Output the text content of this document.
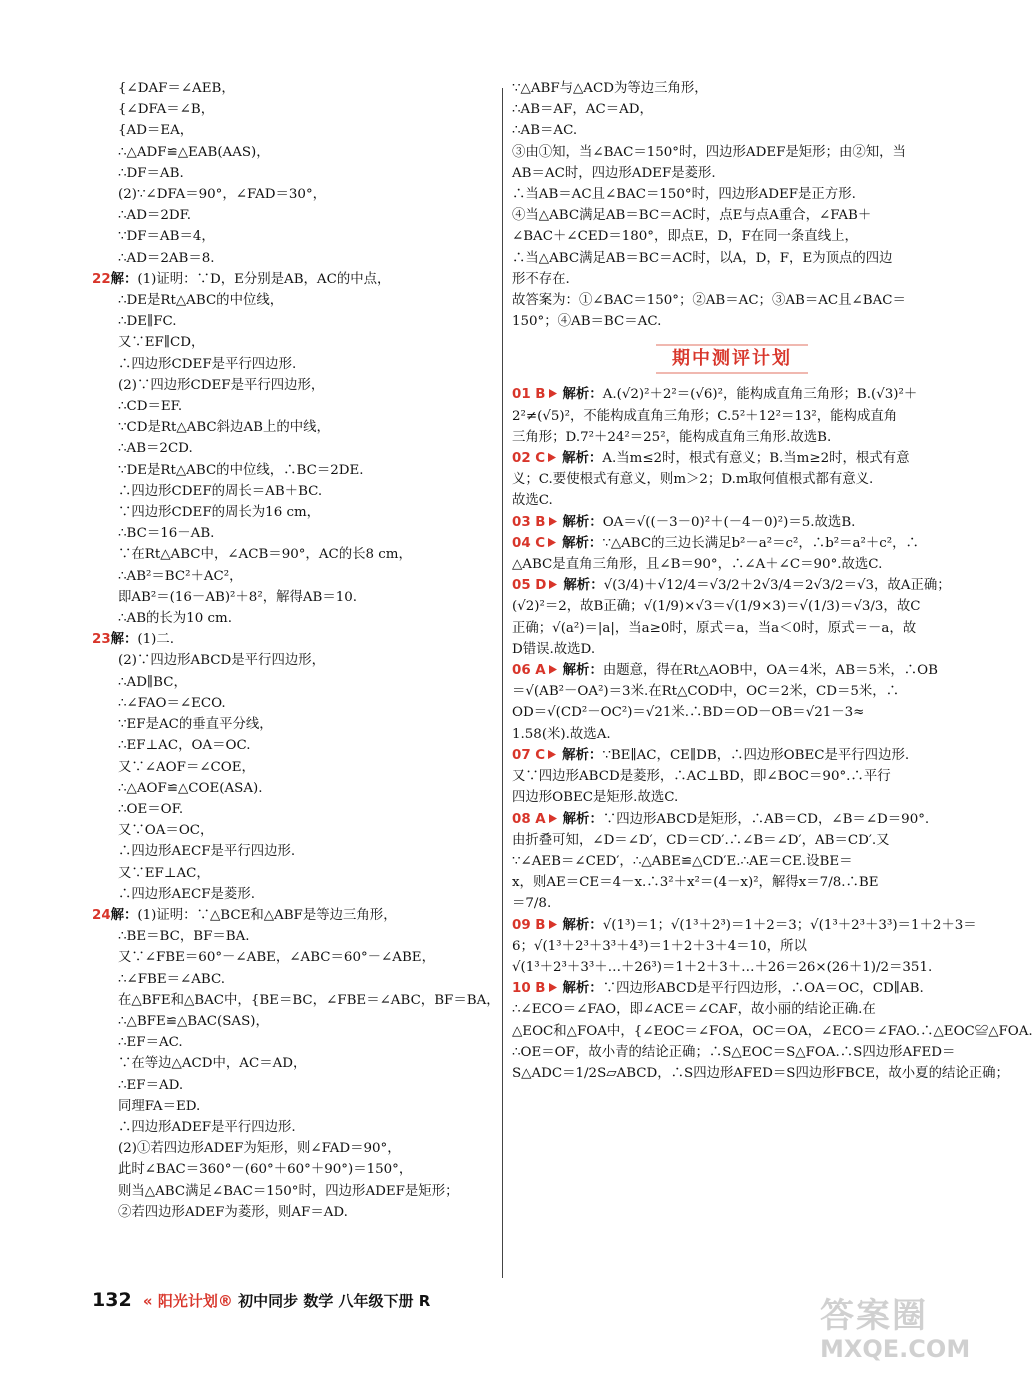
{∠DAF＝∠AEB，
{∠DFA＝∠B，
{AD＝EA，
∴△ADF≌△EAB(AAS)，
∴DF＝AB.
(2)∵∠DFA＝90°，∠FAD＝30°，
∴AD＝2DF.
∵DF＝AB＝4，
∴AD＝2AB＝8.
22解：(1)证明：∵D，E分别是AB，AC的中点，
∴DE是Rt△ABC的中位线，
∴DE∥FC.
又∵EF∥CD，
∴四边形CDEF是平行四边形.
(2)∵四边形CDEF是平行四边形，
∴CD＝EF.
∵CD是Rt△ABC斜边AB上的中线，
∴AB＝2CD.
∵DE是Rt△ABC的中位线，∴BC＝2DE.
∴四边形CDEF的周长＝AB＋BC.
∵四边形CDEF的周长为16 cm，
∴BC＝16－AB.
∵在Rt△ABC中，∠ACB＝90°，AC的长8 cm，
∴AB²＝BC²＋AC²，
即AB²＝(16－AB)²＋8²，解得AB＝10.
∴AB的长为10 cm.
23解：(1)二.
(2)∵四边形ABCD是平行四边形，
∴AD∥BC，
∴∠FAO＝∠ECO.
∵EF是AC的垂直平分线，
∴EF⊥AC，OA＝OC.
又∵∠AOF＝∠COE，
∴△AOF≌△COE(ASA).
∴OE＝OF.
又∵OA＝OC，
∴四边形AECF是平行四边形.
又∵EF⊥AC，
∴四边形AECF是菱形.
24解：(1)证明：∵△BCE和△ABF是等边三角形，
∴BE＝BC，BF＝BA.
又∵∠FBE＝60°－∠ABE，∠ABC＝60°－∠ABE，
∴∠FBE＝∠ABC.
在△BFE和△BAC中，{BE＝BC，∠FBE＝∠ABC，BF＝BA，
∴△BFE≌△BAC(SAS)，
∴EF＝AC.
∵在等边△ACD中，AC＝AD，
∴EF＝AD.
同理FA＝ED.
∴四边形ADEF是平行四边形.
(2)①若四边形ADEF为矩形，则∠FAD＝90°，
此时∠BAC＝360°－(60°＋60°＋90°)＝150°，
则当△ABC满足∠BAC＝150°时，四边形ADEF是矩形；
②若四边形ADEF为菱形，则AF＝AD.
∵△ABF与△ACD为等边三角形，
∴AB＝AF，AC＝AD，
∴AB＝AC.
③由①知，当∠BAC＝150°时，四边形ADEF是矩形；由②知，当
AB＝AC时，四边形ADEF是菱形.
∴当AB＝AC且∠BAC＝150°时，四边形ADEF是正方形.
④当△ABC满足AB＝BC＝AC时，点E与点A重合，∠FAB＋
∠BAC＋∠CED＝180°，即点E，D，F在同一条直线上，
∴当△ABC满足AB＝BC＝AC时，以A，D，F，E为顶点的四边
形不存在.
故答案为：①∠BAC＝150°；②AB＝AC；③AB＝AC且∠BAC＝
150°；④AB＝BC＝AC.
期中测评计划
01 B 解析：A.(√2)²＋2²＝(√6)²，能构成直角三角形；B.(√3)²＋
2²≠(√5)²，不能构成直角三角形；C.5²＋12²＝13²，能构成直角
三角形；D.7²＋24²＝25²，能构成直角三角形.故选B.
02 C 解析：A.当m≤2时，根式有意义；B.当m≥2时，根式有意
义；C.要使根式有意义，则m＞2；D.m取何值根式都有意义.
故选C.
03 B 解析：OA＝√((－3－0)²＋(－4－0)²)＝5.故选B.
04 C 解析：∵△ABC的三边长满足b²－a²＝c²，∴b²＝a²＋c²，∴
△ABC是直角三角形，且∠B＝90°，∴∠A＋∠C＝90°.故选C.
05 D 解析：√(3/4)＋√12/4＝√3/2＋2√3/4＝2√3/2＝√3，故A正确；
(√2)²＝2，故B正确；√(1/9)×√3＝√(1/9×3)＝√(1/3)＝√3/3，故C
正确；√(a²)＝|a|，当a≥0时，原式＝a，当a＜0时，原式＝－a，故
D错误.故选D.
06 A 解析：由题意，得在Rt△AOB中，OA＝4米，AB＝5米，∴OB
＝√(AB²－OA²)＝3米.在Rt△COD中，OC＝2米，CD＝5米，∴
OD＝√(CD²－OC²)＝√21米.∴BD＝OD－OB＝√21－3≈
1.58(米).故选A.
07 C 解析：∵BE∥AC，CE∥DB，∴四边形OBEC是平行四边形.
又∵四边形ABCD是菱形，∴AC⊥BD，即∠BOC＝90°.∴平行
四边形OBEC是矩形.故选C.
08 A 解析：∵四边形ABCD是矩形，∴AB＝CD，∠B＝∠D＝90°.
由折叠可知，∠D＝∠D′，CD＝CD′.∴∠B＝∠D′，AB＝CD′.又
∵∠AEB＝∠CED′，∴△ABE≌△CD′E.∴AE＝CE.设BE＝
x，则AE＝CE＝4－x.∴3²＋x²＝(4－x)²，解得x＝7/8.∴BE
＝7/8.
09 B 解析：√(1³)＝1；√(1³＋2³)＝1＋2＝3；√(1³＋2³＋3³)＝1＋2＋3＝
6；√(1³＋2³＋3³＋4³)＝1＋2＋3＋4＝10，所以
√(1³＋2³＋3³＋…＋26³)＝1＋2＋3＋…＋26＝26×(26＋1)/2＝351.
10 B 解析：∵四边形ABCD是平行四边形，∴OA＝OC，CD∥AB.
∴∠ECO＝∠FAO，即∠ACE＝∠CAF，故小丽的结论正确.在
△EOC和△FOA中，{∠EOC＝∠FOA，OC＝OA，∠ECO＝∠FAO.∴△EOC≌△FOA.
∴OE＝OF，故小青的结论正确；∴S△EOC＝S△FOA.∴S四边形AFED＝
S△ADC＝1/2S▱ABCD，∴S四边形AFED＝S四边形FBCE，故小夏的结论正确；
132 « 阳光计划® 初中同步 数学 八年级下册 R	答案圈
MXQE.COM
